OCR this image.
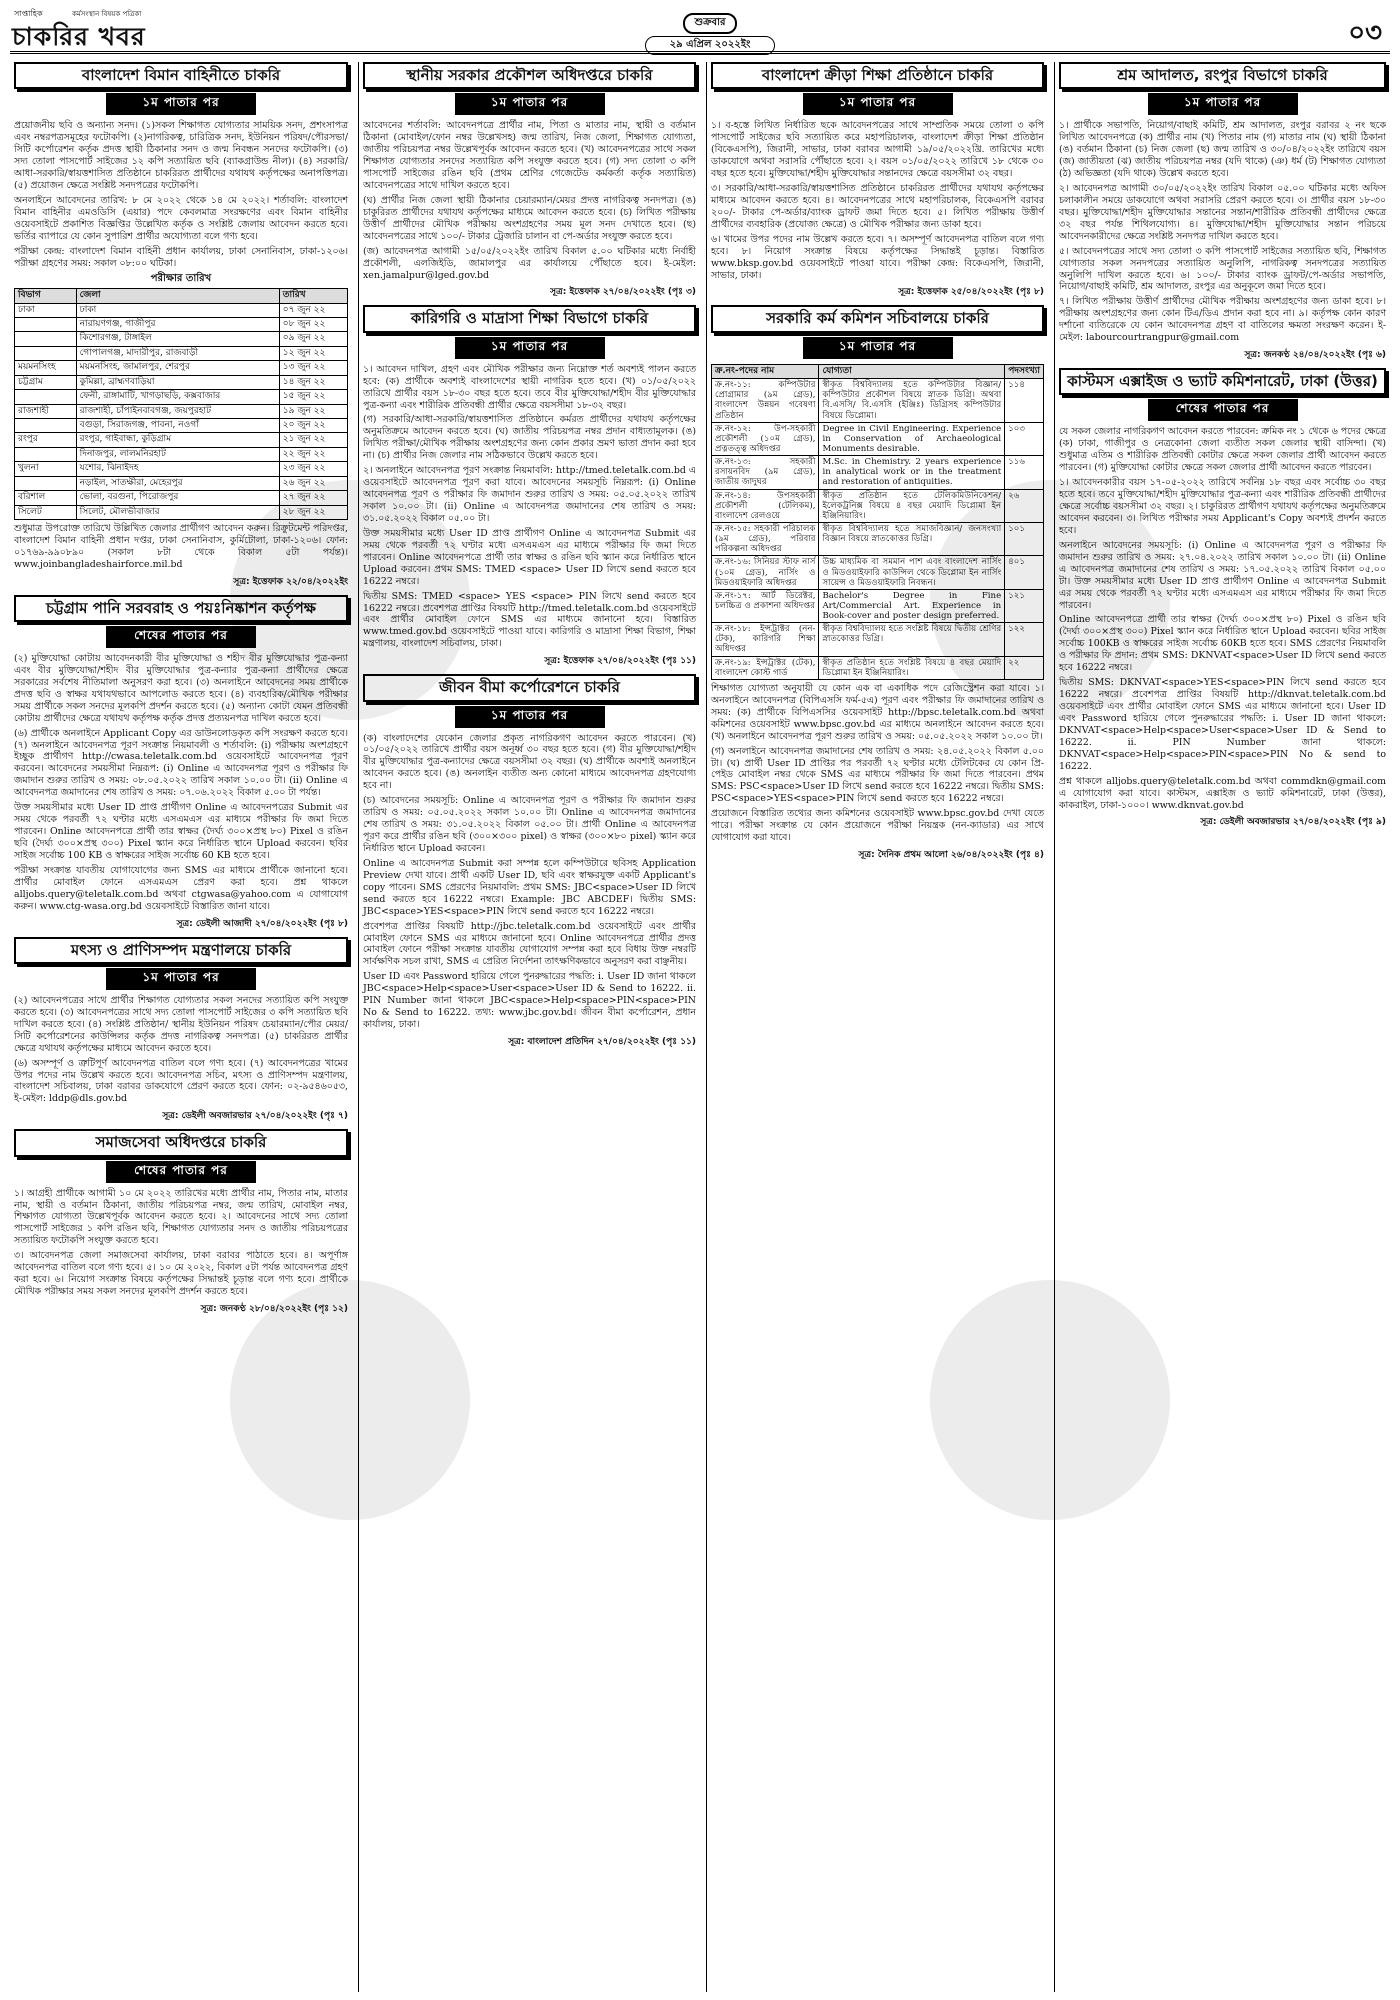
সাপ্তাহিক	কর্মসংস্থান বিষয়ক পত্রিকা
চাকরির খবর	শুক্রবার
২৯ এপ্রিল ২০২২ইং	০৩
বাংলাদেশ বিমান বাহিনীতে চাকরি
১ম পাতার পর

প্রয়োজনীয় ছবি ও অন্যান্য সনদ। (১)সকল শিক্ষাগত যোগ্যতার সাময়িক সনদ, প্রশংসাপত্র এবং নম্বরপত্রসমূহের ফটোকপি। (২)নাগরিকত্ব, চারিত্রিক সনদ, ইউনিয়ন পরিষদ/পৌরসভা/সিটি কর্পোরেশন কর্তৃক প্রদত্ত স্থায়ী ঠিকানার সনদ ও জন্ম নিবন্ধন সনদের ফটোকপি। (৩) সদ্য তোলা পাসপোর্ট সাইজের ১২ কপি সত্যায়িত ছবি (ব্যাকগ্রাউন্ড নীল)। (৪) সরকারি/আধা-সরকারি/স্বায়ত্তশাসিত প্রতিষ্ঠানে চাকরিরত প্রার্থীদের যথাযথ কর্তৃপক্ষের অনাপত্তিপত্র। (৫) প্রয়োজন ক্ষেত্রে সংশ্লিষ্ট সনদপত্রের ফটোকপি।

অনলাইনে আবেদনের তারিখ: ৮ মে ২০২২ থেকে ১৪ মে ২০২২। শর্তাবলি: বাংলাদেশ বিমান বাহিনীর এমওডিসি (এয়ার) পদে কেবলমাত্র সংরক্ষণের এবং বিমান বাহিনীর ওয়েবসাইটে প্রকাশিত বিজ্ঞপ্তির উল্লেখিত কর্তৃক ও সংশ্লিষ্ট জেলায় আবেদন করতে হবে। ভর্তির ব্যাপারে যে কোন সুপারিশ প্রার্থীর অযোগ্যতা বলে গণ্য হবে।

পরীক্ষা কেন্দ্র: বাংলাদেশ বিমান বাহিনী প্রধান কার্যালয়, ঢাকা সেনানিবাস, ঢাকা-১২০৬। পরীক্ষা গ্রহণের সময়: সকাল ০৮:০০ ঘটিকা।

পরীক্ষার তারিখ
বিভাগ	জেলা	তারিখ
ঢাকা	ঢাকা	০৭ জুন ২২
	নারায়ণগঞ্জ, গাজীপুর	০৮ জুন ২২
	কিশোরগঞ্জ, টাঙ্গাইল	০৯ জুন ২২
	গোপালগঞ্জ, মাদারীপুর, রাজবাড়ী	১২ জুন ২২
ময়মনসিংহ	ময়মনসিংহ, জামালপুর, শেরপুর	১৩ জুন ২২
চট্টগ্রাম	কুমিল্লা, ব্রাহ্মণবাড়িয়া	১৪ জুন ২২
	ফেনী, রাঙ্গামাটি, খাগড়াছড়ি, কক্সবাজার	১৫ জুন ২২
রাজশাহী	রাজশাহী, চাঁপাইনবাবগঞ্জ, জয়পুরহাট	১৯ জুন ২২
	বগুড়া, সিরাজগঞ্জ, পাবনা, নওগাঁ	২০ জুন ২২
রংপুর	রংপুর, গাইবান্ধা, কুড়িগ্রাম	২১ জুন ২২
	দিনাজপুর, লালমনিরহাট	২২ জুন ২২
খুলনা	যশোর, ঝিনাইদহ	২৩ জুন ২২
	নড়াইল, সাতক্ষীরা, মেহেরপুর	২৬ জুন ২২
বরিশাল	ভোলা, বরগুনা, পিরোজপুর	২৭ জুন ২২
সিলেট	সিলেট, মৌলভীবাজার	২৮ জুন ২২

শুধুমাত্র উপরোক্ত তারিখে উল্লিখিত জেলার প্রার্থীগণ আবেদন করুন। রিক্রুটমেন্ট পরিদপ্তর, বাংলাদেশ বিমান বাহিনী প্রধান দপ্তর, ঢাকা সেনানিবাস, কুর্মিটোলা, ঢাকা-১২০৬। ফোন: ০১৭৬৯-৯৯০৮৯০ (সকাল ৮টা থেকে বিকাল ৫টা পর্যন্ত)। www.joinbangladeshairforce.mil.bd

সূত্র: ইত্তেফাক ২২/০৪/২০২২ইং
চট্টগ্রাম পানি সরবরাহ ও পয়ঃনিষ্কাশন কর্তৃপক্ষ
শেষের পাতার পর

(২) মুক্তিযোদ্ধা কোটায় আবেদনকারী বীর মুক্তিযোদ্ধা ও শহীদ বীর মুক্তিযোদ্ধার পুত্র-কন্যা এবং বীর মুক্তিযোদ্ধা/শহীদ বীর মুক্তিযোদ্ধার পুত্র-কন্যার পুত্র-কন্যা প্রার্থীদের ক্ষেত্রে সরকারের সর্বশেষ নীতিমালা অনুসরণ করা হবে। (৩) অনলাইনে আবেদনের সময় প্রার্থীকে প্রদত্ত ছবি ও স্বাক্ষর যথাযথভাবে আপলোড করতে হবে। (৪) ব্যবহারিক/মৌখিক পরীক্ষার সময় প্রার্থীকে সকল সনদের মূলকপি প্রদর্শন করতে হবে। (৫) অন্যান্য কোটা যেমন প্রতিবন্ধী কোটায় প্রার্থীদের ক্ষেত্রে যথাযথ কর্তৃপক্ষ কর্তৃক প্রদত্ত প্রত্যয়নপত্র দাখিল করতে হবে।

(৬) প্রার্থীকে অনলাইনে Applicant Copy এর ডাউনলোডকৃত কপি সংরক্ষণ করতে হবে। (৭) অনলাইনে আবেদনপত্র পূরণ সংক্রান্ত নিয়মাবলী ও শর্তাবলি: (i) পরীক্ষায় অংশগ্রহণে ইচ্ছুক প্রার্থীগণ http://cwasa.teletalk.com.bd ওয়েবসাইটে আবেদনপত্র পূরণ করবেন। আবেদনের সময়সীমা নিম্নরূপ: (i) Online এ আবেদনপত্র পূরণ ও পরীক্ষার ফি জমাদান শুরুর তারিখ ও সময়: ০৮.০৫.২০২২ তারিখ সকাল ১০.০০ টা। (ii) Online এ আবেদনপত্র জমাদানের শেষ তারিখ ও সময়: ০৭.০৬.২০২২ বিকাল ৫.০০ টা পর্যন্ত।

উক্ত সময়সীমার মধ্যে User ID প্রাপ্ত প্রার্থীগণ Online এ আবেদনপত্রের Submit এর সময় থেকে পরবর্তী ৭২ ঘণ্টার মধ্যে এসএমএস এর মাধ্যমে পরীক্ষার ফি জমা দিতে পারবেন। Online আবেদনপত্রে প্রার্থী তার স্বাক্ষর (দৈর্ঘ্য ৩০০×প্রস্থ ৮০) Pixel ও রঙিন ছবি (দৈর্ঘ্য ৩০০×প্রস্থ ৩০০) Pixel স্ক্যান করে নির্ধারিত স্থানে Upload করবেন। ছবির সাইজ সর্বোচ্চ 100 KB ও স্বাক্ষরের সাইজ সর্বোচ্চ 60 KB হতে হবে।

পরীক্ষা সংক্রান্ত যাবতীয় যোগাযোগের জন্য SMS এর মাধ্যমে প্রার্থীকে জানানো হবে। প্রার্থীর মোবাইল ফোনে এসএমএস প্রেরণ করা হবে। প্রশ্ন থাকলে alljobs.query@teletalk.com.bd অথবা ctgwasa@yahoo.com এ যোগাযোগ করুন। www.ctg-wasa.org.bd ওয়েবসাইটে বিস্তারিত জানা যাবে।

সূত্র: ডেইলী আজাদী ২৭/০৪/২০২২ইং (পৃঃ ৮)
মৎস্য ও প্রাণিসম্পদ মন্ত্রণালয়ে চাকরি
১ম পাতার পর

(২) আবেদনপত্রের সাথে প্রার্থীর শিক্ষাগত যোগ্যতার সকল সনদের সত্যায়িত কপি সংযুক্ত করতে হবে। (৩) আবেদনপত্রের সাথে সদ্য তোলা পাসপোর্ট সাইজের ৩ কপি সত্যায়িত ছবি দাখিল করতে হবে। (৪) সংশ্লিষ্ট প্রতিষ্ঠান/ স্থানীয় ইউনিয়ন পরিষদ চেয়ারম্যান/পৌর মেয়র/সিটি কর্পোরেশনের কাউন্সিলর কর্তৃক প্রদত্ত নাগরিকত্ব সনদপত্র। (৫) চাকরিরত প্রার্থীর ক্ষেত্রে যথাযথ কর্তৃপক্ষের মাধ্যমে আবেদন করতে হবে।

(৬) অসম্পূর্ণ ও ত্রুটিপূর্ণ আবেদনপত্র বাতিল বলে গণ্য হবে। (৭) আবেদনপত্রের খামের উপর পদের নাম উল্লেখ করতে হবে। আবেদনপত্র সচিব, মৎস্য ও প্রাণিসম্পদ মন্ত্রণালয়, বাংলাদেশ সচিবালয়, ঢাকা বরাবর ডাকযোগে প্রেরণ করতে হবে। ফোন: ০২-৯৫৪৬০৫৩, ই-মেইল: lddp@dls.gov.bd

সূত্র: ডেইলী অবজারভার ২৭/০৪/২০২২ইং (পৃঃ ৭)
সমাজসেবা অধিদপ্তরে চাকরি
শেষের পাতার পর

১। আগ্রহী প্রার্থীকে আগামী ১০ মে ২০২২ তারিখের মধ্যে প্রার্থীর নাম, পিতার নাম, মাতার নাম, স্থায়ী ও বর্তমান ঠিকানা, জাতীয় পরিচয়পত্র নম্বর, জন্ম তারিখ, মোবাইল নম্বর, শিক্ষাগত যোগ্যতা উল্লেখপূর্বক আবেদন করতে হবে। ২। আবেদনের সাথে সদ্য তোলা পাসপোর্ট সাইজের ১ কপি রঙিন ছবি, শিক্ষাগত যোগ্যতার সনদ ও জাতীয় পরিচয়পত্রের সত্যায়িত ফটোকপি সংযুক্ত করতে হবে।

৩। আবেদনপত্র জেলা সমাজসেবা কার্যালয়, ঢাকা বরাবর পাঠাতে হবে। ৪। অপূর্ণাঙ্গ আবেদনপত্র বাতিল বলে গণ্য হবে। ৫। ১০ মে ২০২২, বিকাল ৫টা পর্যন্ত আবেদনপত্র গ্রহণ করা হবে। ৬। নিয়োগ সংক্রান্ত বিষয়ে কর্তৃপক্ষের সিদ্ধান্তই চূড়ান্ত বলে গণ্য হবে। প্রার্থীকে মৌখিক পরীক্ষার সময় সকল সনদের মূলকপি প্রদর্শন করতে হবে।

সূত্র: জনকণ্ঠ ২৮/০৪/২০২২ইং (পৃঃ ১২)
স্থানীয় সরকার প্রকৌশল অধিদপ্তরে চাকরি
১ম পাতার পর

আবেদনের শর্তাবলি: আবেদনপত্রে প্রার্থীর নাম, পিতা ও মাতার নাম, স্থায়ী ও বর্তমান ঠিকানা (মোবাইল/ফোন নম্বর উল্লেখসহ) জন্ম তারিখ, নিজ জেলা, শিক্ষাগত যোগ্যতা, জাতীয় পরিচয়পত্র নম্বর উল্লেখপূর্বক আবেদন করতে হবে। (খ) আবেদনপত্রের সাথে সকল শিক্ষাগত যোগ্যতার সনদের সত্যায়িত কপি সংযুক্ত করতে হবে। (গ) সদ্য তোলা ৩ কপি পাসপোর্ট সাইজের রঙিন ছবি (প্রথম শ্রেণির গেজেটেড কর্মকর্তা কর্তৃক সত্যায়িত) আবেদনপত্রের সাথে দাখিল করতে হবে।

(ঘ) প্রার্থীর নিজ জেলা স্থায়ী ঠিকানার চেয়ারম্যান/মেয়র প্রদত্ত নাগরিকত্ব সনদপত্র। (ঙ) চাকুরিরত প্রার্থীদের যথাযথ কর্তৃপক্ষের মাধ্যমে আবেদন করতে হবে। (চ) লিখিত পরীক্ষায় উত্তীর্ণ প্রার্থীদের মৌখিক পরীক্ষায় অংশগ্রহণের সময় মূল সনদ দেখাতে হবে। (ছ) আবেদনপত্রের সাথে ১০০/- টাকার ট্রেজারি চালান বা পে-অর্ডার সংযুক্ত করতে হবে।

(জ) আবেদনপত্র আগামী ১৫/০৫/২০২২ইং তারিখ বিকাল ৫.০০ ঘটিকার মধ্যে নির্বাহী প্রকৌশলী, এলজিইডি, জামালপুর এর কার্যালয়ে পৌঁছাতে হবে। ই-মেইল: xen.jamalpur@lged.gov.bd

সূত্র: ইত্তেফাক ২৭/০৪/২০২২ইং (পৃঃ ৩)
কারিগরি ও মাদ্রাসা শিক্ষা বিভাগে চাকরি
১ম পাতার পর

১। আবেদন দাখিল, গ্রহণ এবং মৌখিক পরীক্ষার জন্য নিম্নোক্ত শর্ত অবশ্যই পালন করতে হবে: (ক) প্রার্থীকে অবশ্যই বাংলাদেশের স্থায়ী নাগরিক হতে হবে। (খ) ০১/০৫/২০২২ তারিখে প্রার্থীর বয়স ১৮-৩০ বছর হতে হবে। তবে বীর মুক্তিযোদ্ধা/শহীদ বীর মুক্তিযোদ্ধার পুত্র-কন্যা এবং শারীরিক প্রতিবন্ধী প্রার্থীর ক্ষেত্রে বয়সসীমা ১৮-৩২ বছর।

(গ) সরকারি/আধা-সরকারি/স্বায়ত্তশাসিত প্রতিষ্ঠানে কর্মরত প্রার্থীদের যথাযথ কর্তৃপক্ষের অনুমতিক্রমে আবেদন করতে হবে। (ঘ) জাতীয় পরিচয়পত্র নম্বর প্রদান বাধ্যতামূলক। (ঙ) লিখিত পরীক্ষা/মৌখিক পরীক্ষায় অংশগ্রহণের জন্য কোন প্রকার ভ্রমণ ভাতা প্রদান করা হবে না। (চ) প্রার্থীর নিজ জেলার নাম সঠিকভাবে উল্লেখ করতে হবে।

২। অনলাইনে আবেদনপত্র পূরণ সংক্রান্ত নিয়মাবলি: http://tmed.teletalk.com.bd এ ওয়েবসাইটে আবেদনপত্র পূরণ করা যাবে। আবেদনের সময়সূচি নিম্নরূপ: (i) Online আবেদনপত্র পূরণ ও পরীক্ষার ফি জমাদান শুরুর তারিখ ও সময়: ০৫.০৫.২০২২ তারিখ সকাল ১০.০০ টা। (ii) Online এ আবেদনপত্র জমাদানের শেষ তারিখ ও সময়: ৩১.০৫.২০২২ বিকাল ০৫.০০ টা।

উক্ত সময়সীমার মধ্যে User ID প্রাপ্ত প্রার্থীগণ Online এ আবেদনপত্র Submit এর সময় থেকে পরবর্তী ৭২ ঘণ্টার মধ্যে এসএমএস এর মাধ্যমে পরীক্ষার ফি জমা দিতে পারবেন। Online আবেদনপত্রে প্রার্থী তার স্বাক্ষর ও রঙিন ছবি স্ক্যান করে নির্ধারিত স্থানে Upload করবেন। প্রথম SMS: TMED <space> User ID লিখে send করতে হবে 16222 নম্বরে।

দ্বিতীয় SMS: TMED <space> YES <space> PIN লিখে send করতে হবে 16222 নম্বরে। প্রবেশপত্র প্রাপ্তির বিষয়টি http://tmed.teletalk.com.bd ওয়েবসাইটে এবং প্রার্থীর মোবাইল ফোনে SMS এর মাধ্যমে জানানো হবে। বিস্তারিত www.tmed.gov.bd ওয়েবসাইটে পাওয়া যাবে। কারিগরি ও মাদ্রাসা শিক্ষা বিভাগ, শিক্ষা মন্ত্রণালয়, বাংলাদেশ সচিবালয়, ঢাকা।

সূত্র: ইত্তেফাক ২৭/০৪/২০২২ইং (পৃঃ ১১)
জীবন বীমা কর্পোরেশনে চাকরি
১ম পাতার পর

(ক) বাংলাদেশের যেকোন জেলার প্রকৃত নাগরিকগণ আবেদন করতে পারবেন। (খ) ০১/০৫/২০২২ তারিখে প্রার্থীর বয়স অনূর্ধ্ব ৩০ বছর হতে হবে। (গ) বীর মুক্তিযোদ্ধা/শহীদ বীর মুক্তিযোদ্ধার পুত্র-কন্যাদের ক্ষেত্রে বয়সসীমা ৩২ বছর। (ঘ) প্রার্থীকে অবশ্যই অনলাইনে আবেদন করতে হবে। (ঙ) অনলাইন ব্যতীত অন্য কোনো মাধ্যমে আবেদনপত্র গ্রহণযোগ্য হবে না।

(চ) আবেদনের সময়সূচি: Online এ আবেদনপত্র পূরণ ও পরীক্ষার ফি জমাদান শুরুর তারিখ ও সময়: ০৫.০৫.২০২২ সকাল ১০.০০ টা। Online এ আবেদনপত্র জমাদানের শেষ তারিখ ও সময়: ৩১.০৫.২০২২ বিকাল ০৫.০০ টা। প্রার্থী Online এ আবেদনপত্র পূরণ করে প্রার্থীর রঙিন ছবি (৩০০×৩০০ pixel) ও স্বাক্ষর (৩০০×৮০ pixel) স্ক্যান করে নির্ধারিত স্থানে Upload করবেন।

Online এ আবেদনপত্র Submit করা সম্পন্ন হলে কম্পিউটারে ছবিসহ Application Preview দেখা যাবে। প্রার্থী একটি User ID, ছবি এবং স্বাক্ষরযুক্ত একটি Applicant's copy পাবেন। SMS প্রেরণের নিয়মাবলি: প্রথম SMS: JBC<space>User ID লিখে send করতে হবে 16222 নম্বরে। Example: JBC ABCDEF। দ্বিতীয় SMS: JBC<space>YES<space>PIN লিখে send করতে হবে 16222 নম্বরে।

প্রবেশপত্র প্রাপ্তির বিষয়টি http://jbc.teletalk.com.bd ওয়েবসাইটে এবং প্রার্থীর মোবাইল ফোনে SMS এর মাধ্যমে জানানো হবে। Online আবেদনপত্রে প্রার্থীর প্রদত্ত মোবাইল ফোনে পরীক্ষা সংক্রান্ত যাবতীয় যোগাযোগ সম্পন্ন করা হবে বিধায় উক্ত নম্বরটি সার্বক্ষণিক সচল রাখা, SMS এ প্রেরিত নির্দেশনা তাৎক্ষণিকভাবে অনুসরণ করা বাঞ্ছনীয়।

User ID এবং Password হারিয়ে গেলে পুনরুদ্ধারের পদ্ধতি: i. User ID জানা থাকলে JBC<space>Help<space>User<space>User ID & Send to 16222. ii. PIN Number জানা থাকলে JBC<space>Help<space>PIN<space>PIN No & Send to 16222. তথ্য: www.jbc.gov.bd। জীবন বীমা কর্পোরেশন, প্রধান কার্যালয়, ঢাকা।

সূত্র: বাংলাদেশ প্রতিদিন ২৭/০৪/২০২২ইং (পৃঃ ১১)
বাংলাদেশ ক্রীড়া শিক্ষা প্রতিষ্ঠানে চাকরি
১ম পাতার পর

১। ব-হস্তে লিখিত নির্ধারিত ছকে আবেদনপত্রের সাথে সাম্প্রতিক সময়ে তোলা ৩ কপি পাসপোর্ট সাইজের ছবি সত্যায়িত করে মহাপরিচালক, বাংলাদেশ ক্রীড়া শিক্ষা প্রতিষ্ঠান (বিকেএসপি), জিরানী, সাভার, ঢাকা বরাবর আগামী ১৯/০৫/২০২২খ্রি. তারিখের মধ্যে ডাকযোগে অথবা সরাসরি পৌঁছাতে হবে। ২। বয়স ০১/০৫/২০২২ তারিখে ১৮ থেকে ৩০ বছর হতে হবে। মুক্তিযোদ্ধা/শহীদ মুক্তিযোদ্ধার সন্তানদের ক্ষেত্রে বয়সসীমা ৩২ বছর।

৩। সরকারি/আধা-সরকারি/স্বায়ত্তশাসিত প্রতিষ্ঠানে চাকরিরত প্রার্থীদের যথাযথ কর্তৃপক্ষের মাধ্যমে আবেদন করতে হবে। ৪। আবেদনপত্রের সাথে মহাপরিচালক, বিকেএসপি বরাবর ২০০/- টাকার পে-অর্ডার/ব্যাংক ড্রাফট জমা দিতে হবে। ৫। লিখিত পরীক্ষায় উত্তীর্ণ প্রার্থীদের ব্যবহারিক (প্রযোজ্য ক্ষেত্রে) ও মৌখিক পরীক্ষার জন্য ডাকা হবে।

৬। খামের উপর পদের নাম উল্লেখ করতে হবে। ৭। অসম্পূর্ণ আবেদনপত্র বাতিল বলে গণ্য হবে। ৮। নিয়োগ সংক্রান্ত বিষয়ে কর্তৃপক্ষের সিদ্ধান্তই চূড়ান্ত। বিস্তারিত www.bksp.gov.bd ওয়েবসাইটে পাওয়া যাবে। পরীক্ষা কেন্দ্র: বিকেএসপি, জিরানী, সাভার, ঢাকা।

সূত্র: ইত্তেফাক ২৫/০৪/২০২২ইং (পৃঃ ৮)
সরকারি কর্ম কমিশন সচিবালয়ে চাকরি
১ম পাতার পর
ক্র.নং-পদের নাম	যোগ্যতা	পদসংখ্যা
ক্র.নং-১১: কম্পিউটার প্রোগ্রামার (৯ম গ্রেড), বাংলাদেশ উন্নয়ন গবেষণা প্রতিষ্ঠান	স্বীকৃত বিশ্ববিদ্যালয় হতে কম্পিউটার বিজ্ঞান/ কম্পিউটার প্রকৌশল বিষয়ে স্নাতক ডিগ্রি। অথবা বি.এসসি/ বি.এসসি (ইঞ্জিঃ) ডিগ্রিসহ কম্পিউটার বিষয়ে ডিপ্লোমা।	১১৪
ক্র.নং-১২: উপ-সহকারী প্রকৌশলী (১০ম গ্রেড), প্রত্নতত্ত্ব অধিদপ্তর	Degree in Civil Engineering. Experience in Conservation of Archaeological Monuments desirable.	১০৩
ক্র.নং-১৩: সহকারী রসায়নবিদ (৯ম গ্রেড), জাতীয় জাদুঘর	M.Sc. in Chemistry. 2 years experience in analytical work or in the treatment and restoration of antiquities.	১১৬
ক্র.নং-১৪: উপসহকারী প্রকৌশলী (টেলিকম), বাংলাদেশ রেলওয়ে	স্বীকৃত প্রতিষ্ঠান হতে টেলিকমিউনিকেশন/ ইলেকট্রনিক্স বিষয়ে ৪ বছর মেয়াদি ডিপ্লোমা ইন ইঞ্জিনিয়ারিং।	২৬
ক্র.নং-১৫: সহকারী পরিচালক (৯ম গ্রেড), পরিবার পরিকল্পনা অধিদপ্তর	স্বীকৃত বিশ্ববিদ্যালয় হতে সমাজবিজ্ঞান/ জনসংখ্যা বিজ্ঞান বিষয়ে স্নাতকোত্তর ডিগ্রি।	১০১
ক্র.নং-১৬: সিনিয়র স্টাফ নার্স (১০ম গ্রেড), নার্সিং ও মিডওয়াইফারি অধিদপ্তর	উচ্চ মাধ্যমিক বা সমমান পাশ এবং বাংলাদেশ নার্সিং ও মিডওয়াইফারি কাউন্সিল থেকে ডিপ্লোমা ইন নার্সিং সায়েন্স ও মিডওয়াইফারি নিবন্ধন।	৪০১
ক্র.নং-১৭: আর্ট ডিরেক্টর, চলচ্চিত্র ও প্রকাশনা অধিদপ্তর	Bachelor's Degree in Fine Art/Commercial Art. Experience in Book-cover and poster design preferred.	১২১
ক্র.নং-১৮: ইন্সট্রাক্টর (নন-টেক), কারিগরি শিক্ষা অধিদপ্তর	স্বীকৃত বিশ্ববিদ্যালয় হতে সংশ্লিষ্ট বিষয়ে দ্বিতীয় শ্রেণির স্নাতকোত্তর ডিগ্রি।	১২২
ক্র.নং-১৯: ইন্সট্রাক্টর (টেক), বাংলাদেশ কোস্ট গার্ড	স্বীকৃত প্রতিষ্ঠান হতে সংশ্লিষ্ট বিষয়ে ৪ বছর মেয়াদি ডিপ্লোমা ইন ইঞ্জিনিয়ারিং।	২২

শিক্ষাগত যোগ্যতা অনুযায়ী যে কোন এক বা একাধিক পদে রেজিস্ট্রেশন করা যাবে। ১। অনলাইনে আবেদনপত্র (বিপিএসসি ফর্ম-৫এ) পূরণ এবং পরীক্ষার ফি জমাদানের তারিখ ও সময়: (ক) প্রার্থীকে বিপিএসসির ওয়েবসাইট http://bpsc.teletalk.com.bd অথবা কমিশনের ওয়েবসাইট www.bpsc.gov.bd এর মাধ্যমে অনলাইনে আবেদন করতে হবে। (খ) অনলাইনে আবেদনপত্র পূরণ শুরুর তারিখ ও সময়: ০৫.০৫.২০২২ সকাল ১০.০০ টা।

(গ) অনলাইনে আবেদনপত্র জমাদানের শেষ তারিখ ও সময়: ২৪.০৫.২০২২ বিকাল ৫.০০ টা। (ঘ) প্রার্থী User ID প্রাপ্তির পর পরবর্তী ৭২ ঘণ্টার মধ্যে টেলিটকের যে কোন প্রি-পেইড মোবাইল নম্বর থেকে SMS এর মাধ্যমে পরীক্ষার ফি জমা দিতে পারবেন। প্রথম SMS: PSC<space>User ID লিখে send করতে হবে 16222 নম্বরে। দ্বিতীয় SMS: PSC<space>YES<space>PIN লিখে send করতে হবে 16222 নম্বরে।

প্রয়োজনে বিস্তারিত তথ্যের জন্য কমিশনের ওয়েবসাইট www.bpsc.gov.bd দেখা যেতে পারে। পরীক্ষা সংক্রান্ত যে কোন প্রয়োজনে পরীক্ষা নিয়ন্ত্রক (নন-ক্যাডার) এর সাথে যোগাযোগ করা যাবে।

সূত্র: দৈনিক প্রথম আলো ২৬/০৪/২০২২ইং (পৃঃ ৪)
শ্রম আদালত, রংপুর বিভাগে চাকরি
১ম পাতার পর

১। প্রার্থীকে সভাপতি, নিয়োগ/বাছাই কমিটি, শ্রম আদালত, রংপুর বরাবর ২ নং ছকে লিখিত আবেদনপত্রে (ক) প্রার্থীর নাম (খ) পিতার নাম (গ) মাতার নাম (ঘ) স্থায়ী ঠিকানা (ঙ) বর্তমান ঠিকানা (চ) নিজ জেলা (ছ) জন্ম তারিখ ও ৩০/০৪/২০২২ইং তারিখে বয়স (জ) জাতীয়তা (ঝ) জাতীয় পরিচয়পত্র নম্বর (যদি থাকে) (ঞ) ধর্ম (ট) শিক্ষাগত যোগ্যতা (ঠ) অভিজ্ঞতা (যদি থাকে) উল্লেখ করতে হবে।

২। আবেদনপত্র আগামী ৩০/০৫/২০২২ইং তারিখ বিকাল ০৫.০০ ঘটিকার মধ্যে অফিস চলাকালীন সময়ে ডাকযোগে অথবা সরাসরি প্রেরণ করতে হবে। ৩। প্রার্থীর বয়স ১৮-৩০ বছর। মুক্তিযোদ্ধা/শহীদ মুক্তিযোদ্ধার সন্তানের সন্তান/শারীরিক প্রতিবন্ধী প্রার্থীদের ক্ষেত্রে ৩২ বছর পর্যন্ত শিথিলযোগ্য। ৪। মুক্তিযোদ্ধা/শহীদ মুক্তিযোদ্ধার সন্তান পরিচয়ে আবেদনকারীদের ক্ষেত্রে সংশ্লিষ্ট সনদপত্র দাখিল করতে হবে।

৫। আবেদনপত্রের সাথে সদ্য তোলা ৩ কপি পাসপোর্ট সাইজের সত্যায়িত ছবি, শিক্ষাগত যোগ্যতার সকল সনদপত্রের সত্যায়িত অনুলিপি, নাগরিকত্ব সনদপত্রের সত্যায়িত অনুলিপি দাখিল করতে হবে। ৬। ১০০/- টাকার ব্যাংক ড্রাফট/পে-অর্ডার সভাপতি, নিয়োগ/বাছাই কমিটি, শ্রম আদালত, রংপুর এর অনুকূলে জমা দিতে হবে।

৭। লিখিত পরীক্ষায় উত্তীর্ণ প্রার্থীদের মৌখিক পরীক্ষায় অংশগ্রহণের জন্য ডাকা হবে। ৮। পরীক্ষায় অংশগ্রহণের জন্য কোন টিএ/ডিএ প্রদান করা হবে না। ৯। কর্তৃপক্ষ কোন কারণ দর্শানো ব্যতিরেকে যে কোন আবেদনপত্র গ্রহণ বা বাতিলের ক্ষমতা সংরক্ষণ করেন। ই-মেইল: labourcourtrangpur@gmail.com

সূত্র: জনকণ্ঠ ২৪/০৪/২০২২ইং (পৃঃ ৬)
কাস্টমস এক্সাইজ ও ভ্যাট কমিশনারেট, ঢাকা (উত্তর)
শেষের পাতার পর

যে সকল জেলার নাগরিকগণ আবেদন করতে পারবেন: ক্রমিক নং ১ থেকে ৬ পদের ক্ষেত্রে (ক) ঢাকা, গাজীপুর ও নেত্রকোনা জেলা ব্যতীত সকল জেলার স্থায়ী বাসিন্দা। (খ) শুধুমাত্র এতিম ও শারীরিক প্রতিবন্ধী কোটার ক্ষেত্রে সকল জেলার প্রার্থী আবেদন করতে পারবেন। (গ) মুক্তিযোদ্ধা কোটার ক্ষেত্রে সকল জেলার প্রার্থী আবেদন করতে পারবেন।

১। আবেদনকারীর বয়স ১৭-০৫-২০২২ তারিখে সর্বনিম্ন ১৮ বছর এবং সর্বোচ্চ ৩০ বছর হতে হবে। তবে মুক্তিযোদ্ধা/শহীদ মুক্তিযোদ্ধার পুত্র-কন্যা এবং শারীরিক প্রতিবন্ধী প্রার্থীদের ক্ষেত্রে সর্বোচ্চ বয়সসীমা ৩২ বছর। ২। চাকুরিরত প্রার্থীগণ যথাযথ কর্তৃপক্ষের অনুমতিক্রমে আবেদন করবেন। ৩। লিখিত পরীক্ষার সময় Applicant's Copy অবশ্যই প্রদর্শন করতে হবে।

অনলাইনে আবেদনের সময়সূচি: (i) Online এ আবেদনপত্র পূরণ ও পরীক্ষার ফি জমাদান শুরুর তারিখ ও সময়: ২৭.০৪.২০২২ তারিখ সকাল ১০.০০ টা। (ii) Online এ আবেদনপত্র জমাদানের শেষ তারিখ ও সময়: ১৭.০৫.২০২২ তারিখ বিকাল ০৫.০০ টা। উক্ত সময়সীমার মধ্যে User ID প্রাপ্ত প্রার্থীগণ Online এ আবেদনপত্র Submit এর সময় থেকে পরবর্তী ৭২ ঘণ্টার মধ্যে এসএমএস এর মাধ্যমে পরীক্ষার ফি জমা দিতে পারবেন।

Online আবেদনপত্রে প্রার্থী তার স্বাক্ষর (দৈর্ঘ্য ৩০০×প্রস্থ ৮০) Pixel ও রঙিন ছবি (দৈর্ঘ্য ৩০০×প্রস্থ ৩০০) Pixel স্ক্যান করে নির্ধারিত স্থানে Upload করবেন। ছবির সাইজ সর্বোচ্চ 100KB ও স্বাক্ষরের সাইজ সর্বোচ্চ 60KB হতে হবে। SMS প্রেরণের নিয়মাবলি ও পরীক্ষার ফি প্রদান: প্রথম SMS: DKNVAT<space>User ID লিখে send করতে হবে 16222 নম্বরে।

দ্বিতীয় SMS: DKNVAT<space>YES<space>PIN লিখে send করতে হবে 16222 নম্বরে। প্রবেশপত্র প্রাপ্তির বিষয়টি http://dknvat.teletalk.com.bd ওয়েবসাইটে এবং প্রার্থীর মোবাইল ফোনে SMS এর মাধ্যমে জানানো হবে। User ID এবং Password হারিয়ে গেলে পুনরুদ্ধারের পদ্ধতি: i. User ID জানা থাকলে: DKNVAT<space>Help<space>User<space>User ID & Send to 16222. ii. PIN Number জানা থাকলে: DKNVAT<space>Help<space>PIN<space>PIN No & send to 16222.

প্রশ্ন থাকলে alljobs.query@teletalk.com.bd অথবা commdkn@gmail.com এ যোগাযোগ করা যাবে। কাস্টমস, এক্সাইজ ও ভ্যাট কমিশনারেট, ঢাকা (উত্তর), কাকরাইল, ঢাকা-১০০০। www.dknvat.gov.bd

সূত্র: ডেইলী অবজারভার ২৭/০৪/২০২২ইং (পৃঃ ৯)
